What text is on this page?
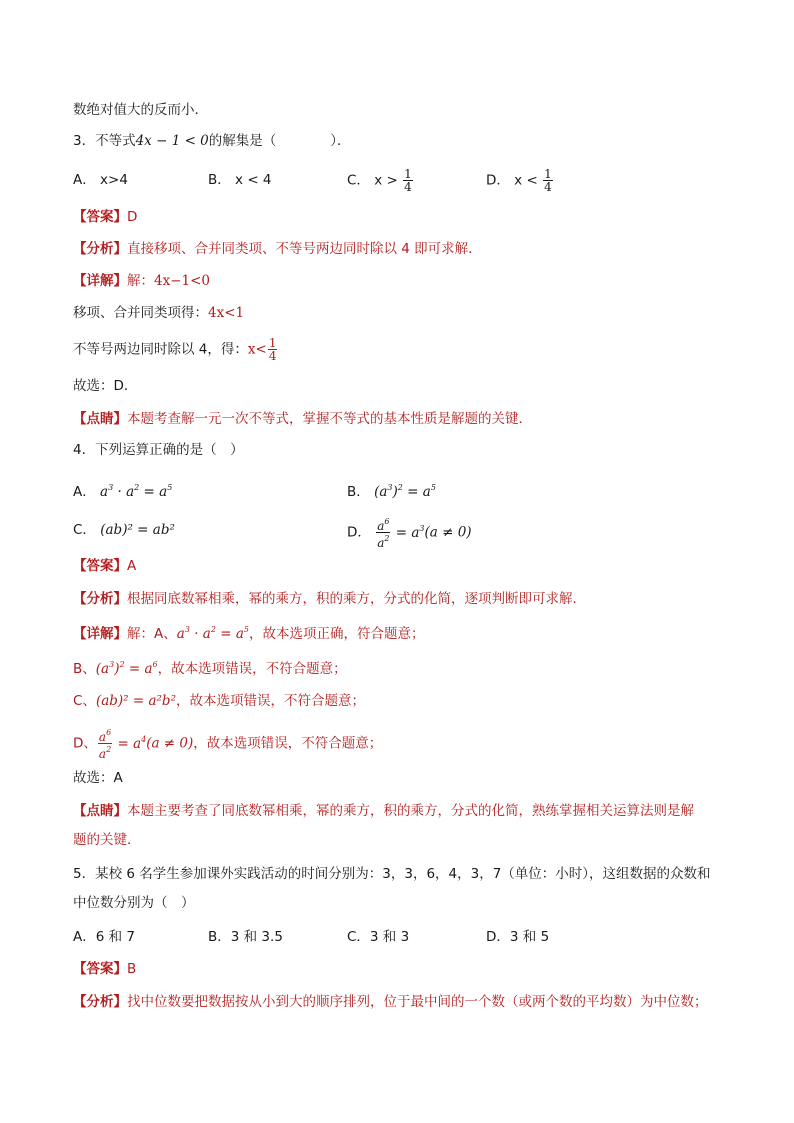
数绝对值大的反而小．
3．不等式4x − 1 < 0的解集是（　　　　）．
A． x>4	B． x < 4	C． $x > \frac{1}{4}$	D． $x < \frac{1}{4}$
【答案】D
【分析】直接移项、合并同类项、不等号两边同时除以 4 即可求解．
【详解】解：4x−1<0
移项、合并同类项得：4x<1
不等号两边同时除以 4，得：$x< \frac{1}{4}$
故选：D．
【点睛】本题考查解一元一次不等式，掌握不等式的基本性质是解题的关键．
4．下列运算正确的是（　）
A． $a^3 \cdot a^2 = a^5$	B． $(a^3)^2 = a^5$
C． (ab)² = ab²	D． $\frac{a^6}{a^2} = a^3(a \ne 0)$
【答案】A
【分析】根据同底数幂相乘，幂的乘方，积的乘方，分式的化简，逐项判断即可求解．
【详解】解：A、$a^3 \cdot a^2 = a^5$，故本选项正确，符合题意；
B、$(a^3)^2 = a^6$，故本选项错误，不符合题意；
C、(ab)² = a²b²，故本选项错误，不符合题意；
D、 $\frac{a^6}{a^2} = a^4(a \ne 0)$，故本选项错误，不符合题意；
故选：A
【点睛】本题主要考查了同底数幂相乘，幂的乘方，积的乘方，分式的化简，熟练掌握相关运算法则是解
题的关键．
5．某校 6 名学生参加课外实践活动的时间分别为：3，3，6，4，3，7（单位：小时），这组数据的众数和
中位数分别为（　）
A．6 和 7	B．3 和 3.5	C．3 和 3	D．3 和 5
【答案】B
【分析】找中位数要把数据按从小到大的顺序排列，位于最中间的一个数（或两个数的平均数）为中位数；
